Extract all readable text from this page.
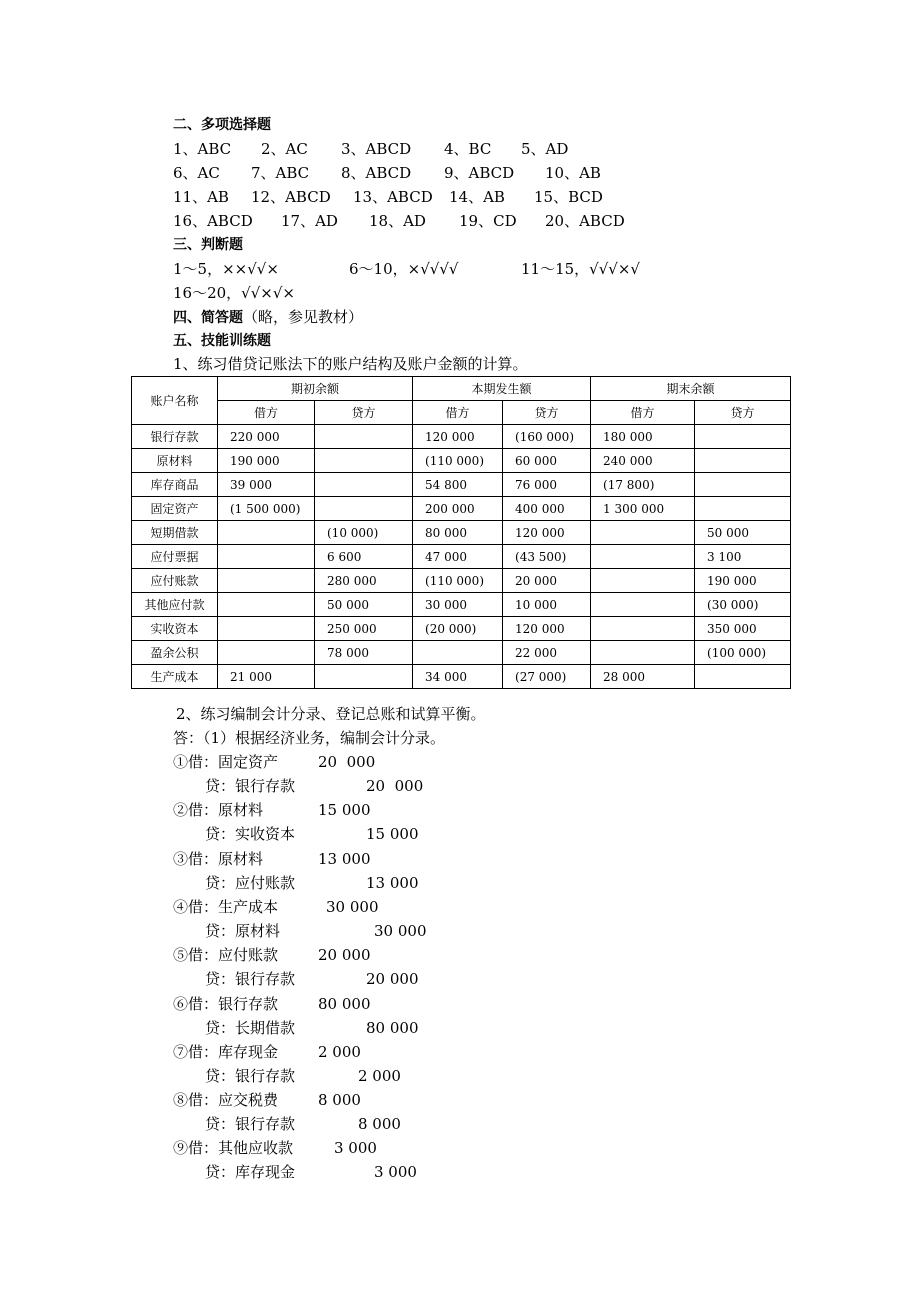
二、多项选择题
1、ABC 2、AC 3、ABCD 4、BC 5、AD
6、AC 7、ABC 8、ABCD 9、ABCD 10、AB
11、AB 12、ABCD 13、ABCD 14、AB 15、BCD
16、ABCD 17、AD 18、AD 19、CD 20、ABCD
三、判断题
1～5，××√√×	6～10，×√√√√	11～15，√√√×√
16～20，√√×√×
四、简答题（略，参见教材）
五、技能训练题
1、练习借贷记账法下的账户结构及账户金额的计算。
账户名称	期初余额		本期发生额		期末余额	
	借方	贷方	借方	贷方	借方	贷方
银行存款	220 000		120 000	(160 000)	180 000	
原材料	190 000		(110 000)	60 000	240 000	
库存商品	39 000		54 800	76 000	(17 800)	
固定资产	(1 500 000)		200 000	400 000	1 300 000	
短期借款		(10 000)	80 000	120 000		50 000
应付票据		6 600	47 000	(43 500)		3 100
应付账款		280 000	(110 000)	20 000		190 000
其他应付款		50 000	30 000	10 000		(30 000)
实收资本		250 000	(20 000)	120 000		350 000
盈余公积		78 000		22 000		(100 000)
生产成本	21 000		34 000	(27 000)	28 000	
2、练习编制会计分录、登记总账和试算平衡。
答：（1）根据经济业务，编制会计分录。
①借：固定资产	20  000
贷：银行存款	20  000
②借：原材料	15 000
贷：实收资本	15 000
③借：原材料	13 000
贷：应付账款	13 000
④借：生产成本	30 000
贷：原材料	30 000
⑤借：应付账款	20 000
贷：银行存款	20 000
⑥借：银行存款	80 000
贷：长期借款	80 000
⑦借：库存现金	2 000
贷：银行存款	2 000
⑧借：应交税费	8 000
贷：银行存款	8 000
⑨借：其他应收款	3 000
贷：库存现金	3 000
